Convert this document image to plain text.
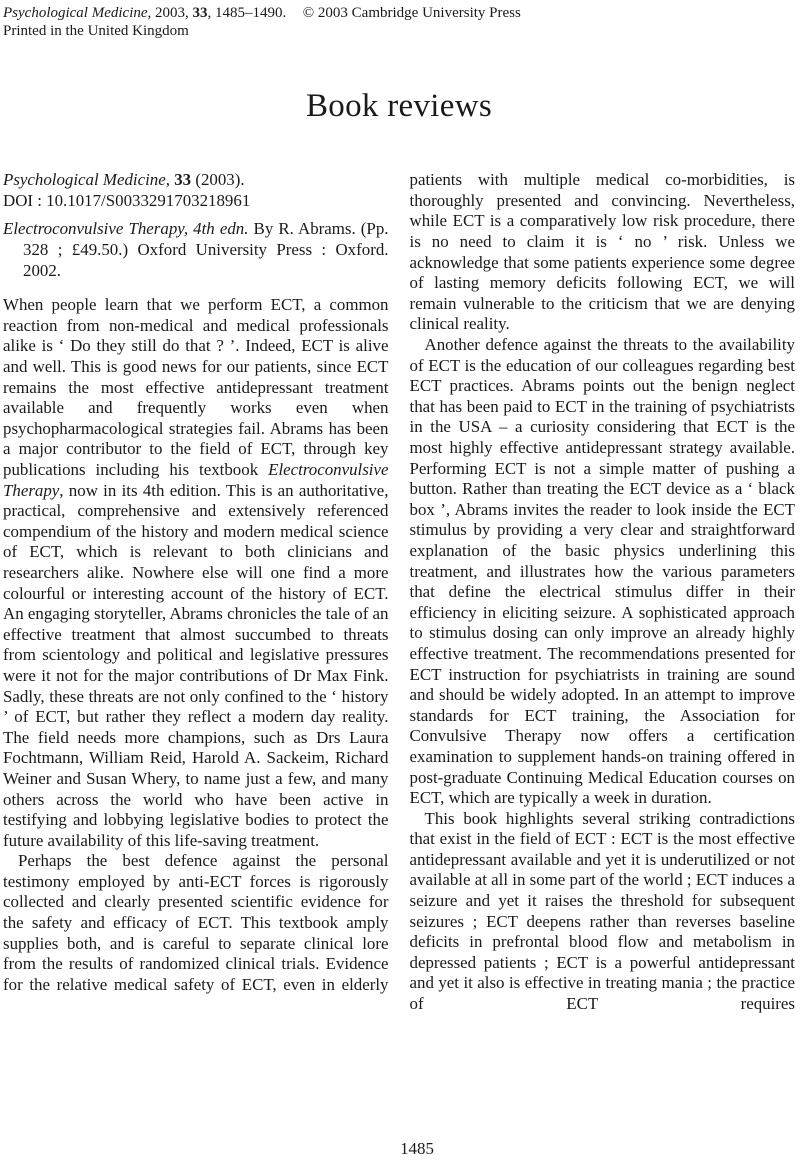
Psychological Medicine, 2003, 33, 1485–1490. © 2003 Cambridge University Press
Printed in the United Kingdom
Book reviews

Psychological Medicine, 33 (2003).
DOI : 10.1017/S0033291703218961

Electroconvulsive Therapy, 4th edn. By R. Abrams. (Pp. 328 ; £49.50.) Oxford University Press : Oxford. 2002.

When people learn that we perform ECT, a common reaction from non-medical and medical professionals alike is ‘ Do they still do that ? ’. Indeed, ECT is alive and well. This is good news for our patients, since ECT remains the most effective antidepressant treatment available and frequently works even when psychopharmacological strategies fail. Abrams has been a major contributor to the field of ECT, through key publications including his textbook Electroconvulsive Therapy, now in its 4th edition. This is an authoritative, practical, comprehensive and extensively referenced compendium of the history and modern medical science of ECT, which is relevant to both clinicians and researchers alike. Nowhere else will one find a more colourful or interesting account of the history of ECT. An engaging storyteller, Abrams chronicles the tale of an effective treatment that almost succumbed to threats from scientology and political and legislative pressures were it not for the major contributions of Dr Max Fink. Sadly, these threats are not only confined to the ‘ history ’ of ECT, but rather they reflect a modern day reality. The field needs more champions, such as Drs Laura Fochtmann, William Reid, Harold A. Sackeim, Richard Weiner and Susan Whery, to name just a few, and many others across the world who have been active in testifying and lobbying legislative bodies to protect the future availability of this life-saving treatment.

Perhaps the best defence against the personal testimony employed by anti-ECT forces is rigorously collected and clearly presented scientific evidence for the safety and efficacy of ECT. This textbook amply supplies both, and is careful to separate clinical lore from the results of randomized clinical trials. Evidence for the relative medical safety of ECT, even in elderly

patients with multiple medical co-morbidities, is thoroughly presented and convincing. Nevertheless, while ECT is a comparatively low risk procedure, there is no need to claim it is ‘ no ’ risk. Unless we acknowledge that some patients experience some degree of lasting memory deficits following ECT, we will remain vulnerable to the criticism that we are denying clinical reality.

Another defence against the threats to the availability of ECT is the education of our colleagues regarding best ECT practices. Abrams points out the benign neglect that has been paid to ECT in the training of psychiatrists in the USA – a curiosity considering that ECT is the most highly effective antidepressant strategy available. Performing ECT is not a simple matter of pushing a button. Rather than treating the ECT device as a ‘ black box ’, Abrams invites the reader to look inside the ECT stimulus by providing a very clear and straightforward explanation of the basic physics underlining this treatment, and illustrates how the various parameters that define the electrical stimulus differ in their efficiency in eliciting seizure. A sophisticated approach to stimulus dosing can only improve an already highly effective treatment. The recommendations presented for ECT instruction for psychiatrists in training are sound and should be widely adopted. In an attempt to improve standards for ECT training, the Association for Convulsive Therapy now offers a certification examination to supplement hands-on training offered in post-graduate Continuing Medical Education courses on ECT, which are typically a week in duration.

This book highlights several striking contradictions that exist in the field of ECT : ECT is the most effective antidepressant available and yet it is underutilized or not available at all in some part of the world ; ECT induces a seizure and yet it raises the threshold for subsequent seizures ; ECT deepens rather than reverses baseline deficits in prefrontal blood flow and metabolism in depressed patients ; ECT is a powerful antidepressant and yet it also is effective in treating mania ; the practice of ECT requires

1485
